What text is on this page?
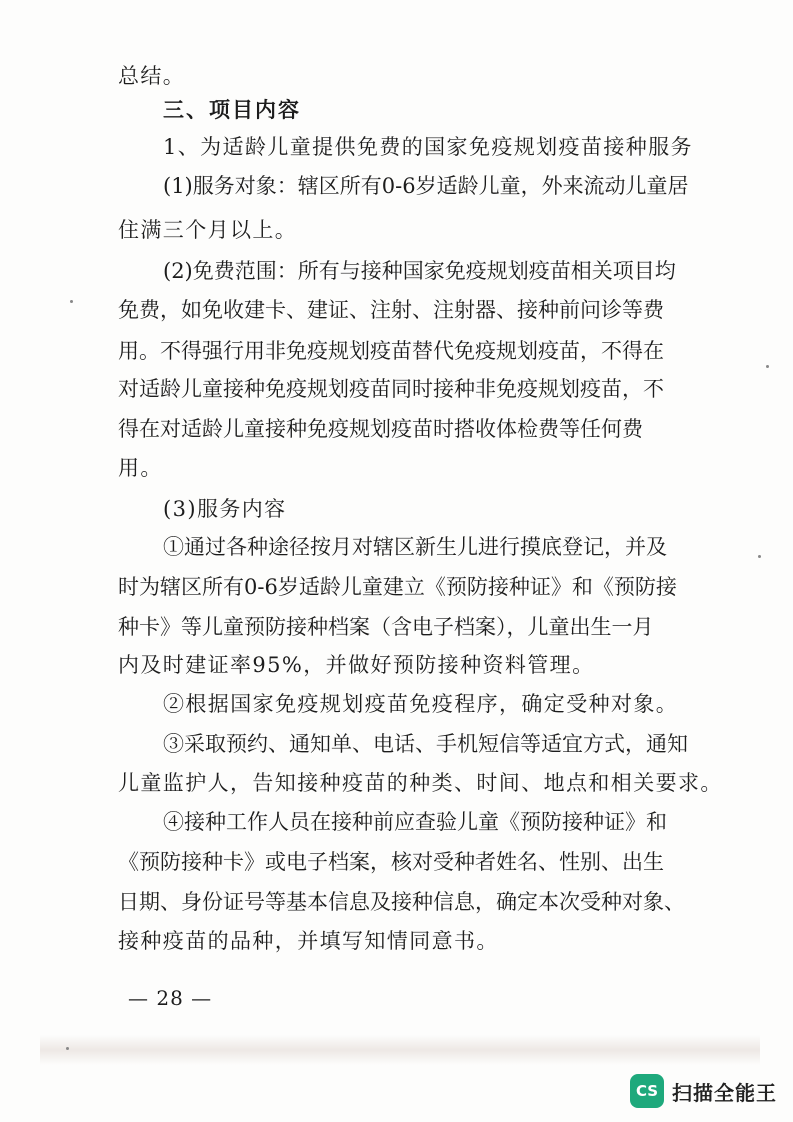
总结。
三、项目内容
1、为适龄儿童提供免费的国家免疫规划疫苗接种服务
(1)服务对象：辖区所有0-6岁适龄儿童，外来流动儿童居
住满三个月以上。
(2)免费范围：所有与接种国家免疫规划疫苗相关项目均
免费，如免收建卡、建证、注射、注射器、接种前问诊等费
用。不得强行用非免疫规划疫苗替代免疫规划疫苗，不得在
对适龄儿童接种免疫规划疫苗同时接种非免疫规划疫苗，不
得在对适龄儿童接种免疫规划疫苗时搭收体检费等任何费
用。
(3)服务内容
①通过各种途径按月对辖区新生儿进行摸底登记，并及
时为辖区所有0-6岁适龄儿童建立《预防接种证》和《预防接
种卡》等儿童预防接种档案（含电子档案），儿童出生一月
内及时建证率95%，并做好预防接种资料管理。
②根据国家免疫规划疫苗免疫程序，确定受种对象。
③采取预约、通知单、电话、手机短信等适宜方式，通知
儿童监护人，告知接种疫苗的种类、时间、地点和相关要求。
④接种工作人员在接种前应查验儿童《预防接种证》和
《预防接种卡》或电子档案，核对受种者姓名、性别、出生
日期、身份证号等基本信息及接种信息，确定本次受种对象、
接种疫苗的品种，并填写知情同意书。
— 28 —
CS 扫描全能王
